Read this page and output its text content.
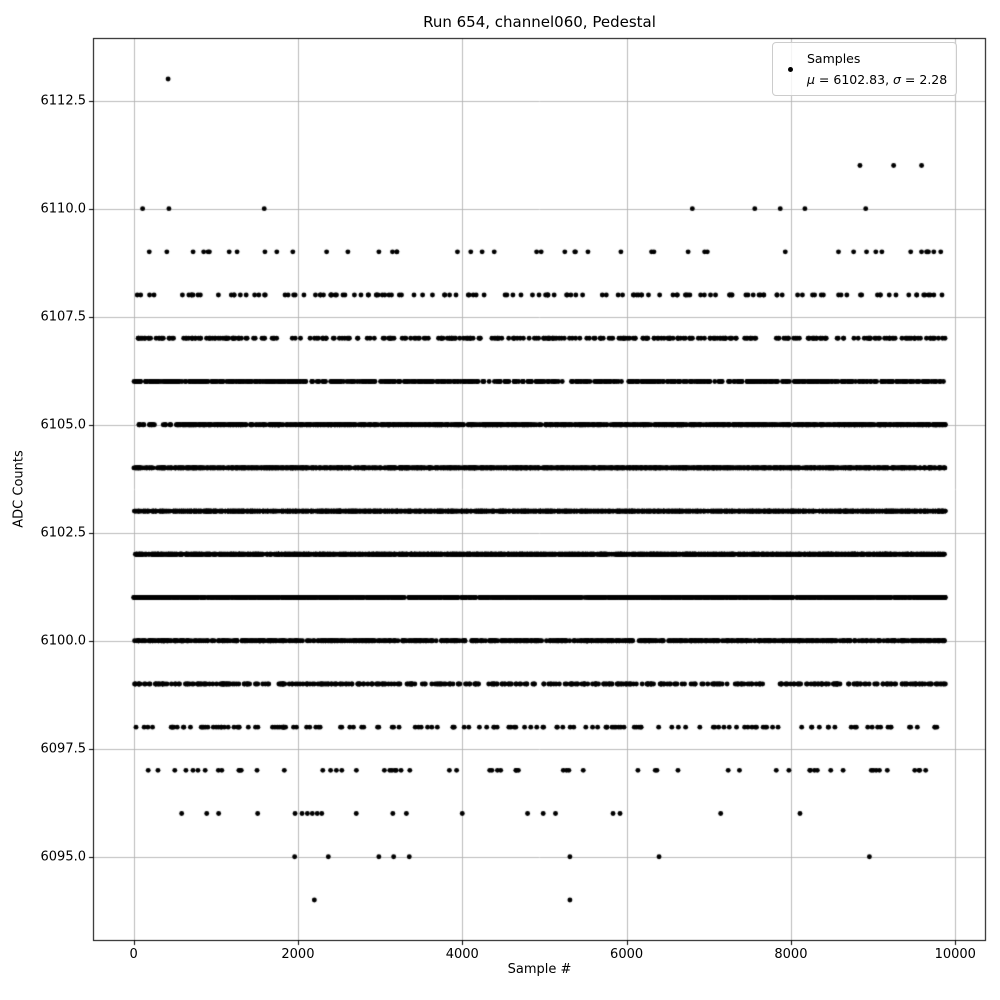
Run 654, channel060, Pedestal
Sample #
ADC Counts
0	2000	4000	6000	8000	10000
6095.0
6097.5
6100.0
6102.5
6105.0
6107.5
6110.0
6112.5
Samples
μ = 6102.83, σ = 2.28
